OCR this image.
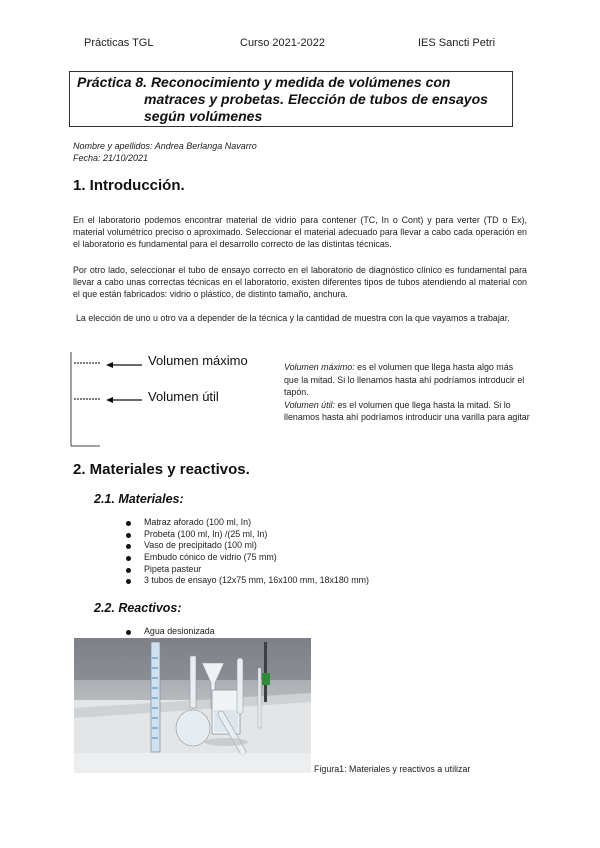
Prácticas TGL	Curso 2021-2022	IES Sancti Petri
Práctica 8. Reconocimiento y medida de volúmenes con
matraces y probetas. Elección de tubos de ensayos
según volúmenes
Nombre y apellidos: Andrea Berlanga Navarro
Fecha: 21/10/2021
1. Introducción.

En el laboratorio podemos encontrar material de vidrio para contener (TC, In o Cont) y para verter (TD o Ex), material volumétrico preciso o aproximado. Seleccionar el material adecuado para llevar a cabo cada operación en el laboratorio es fundamental para el desarrollo correcto de las distintas técnicas.

Por otro lado, seleccionar el tubo de ensayo correcto en el laboratorio de diagnóstico clínico es fundamental para llevar a cabo unas correctas técnicas en el laboratorio, existen diferentes tipos de tubos atendiendo al material con el que están fabricados: vidrio o plástico, de distinto tamaño, anchura.

La elección de uno u otro va a depender de la técnica y la cantidad de muestra con la que vayamos a trabajar.

Volumen máximo
Volumen útil
Volumen máximo: es el volumen que llega hasta algo más que la mitad. Si lo llenamos hasta ahí podríamos introducir el tapón.
Volumen útil: es el volumen que llega hasta la mitad. Si lo llenamos hasta ahí podríamos introducir una varilla para agitar
2. Materiales y reactivos.
2.1. Materiales:
Matraz aforado (100 ml, In)
Probeta (100 ml, In) /(25 ml, In)
Vaso de precipitado (100 ml)
Embudo cónico de vidrio (75 mm)
Pipeta pasteur
3 tubos de ensayo (12x75 mm, 16x100 mm, 18x180 mm)
2.2. Reactivos:
Agua desionizada
Figura1: Materiales y reactivos a utilizar
